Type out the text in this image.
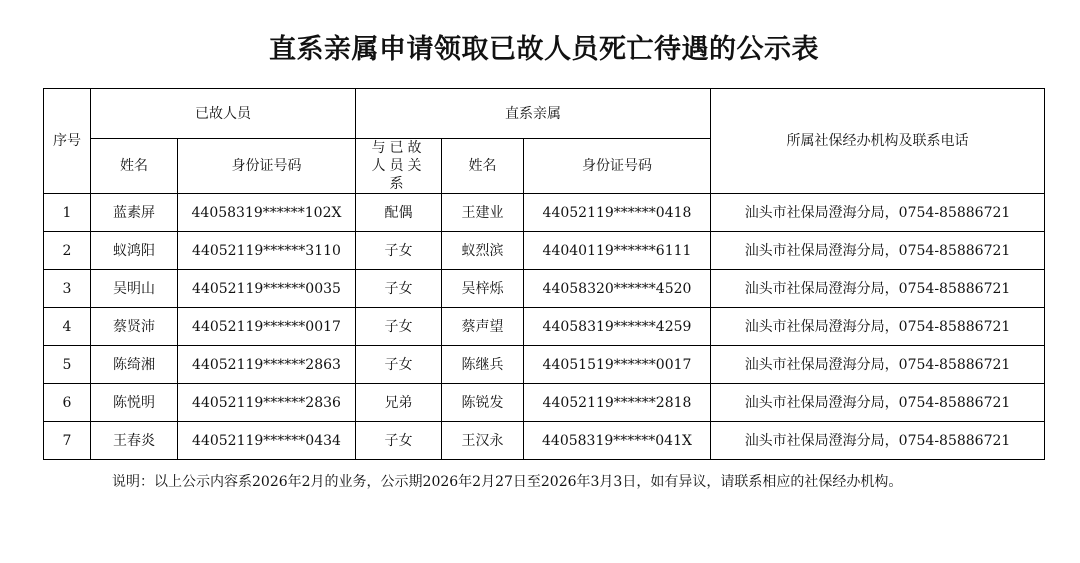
直系亲属申请领取已故人员死亡待遇的公示表
序号	已故人员		直系亲属			所属社保经办机构及联系电话
	姓名	身份证号码	与已故人员关系	姓名	身份证号码	
1	蓝素屏	44058319******102X	配偶	王建业	44052119******0418	汕头市社保局澄海分局，0754-85886721
2	蚁鸿阳	44052119******3110	子女	蚁烈滨	44040119******6111	汕头市社保局澄海分局，0754-85886721
3	吴明山	44052119******0035	子女	吴梓烁	44058320******4520	汕头市社保局澄海分局，0754-85886721
4	蔡贤沛	44052119******0017	子女	蔡声望	44058319******4259	汕头市社保局澄海分局，0754-85886721
5	陈绮湘	44052119******2863	子女	陈继兵	44051519******0017	汕头市社保局澄海分局，0754-85886721
6	陈悦明	44052119******2836	兄弟	陈锐发	44052119******2818	汕头市社保局澄海分局，0754-85886721
7	王春炎	44052119******0434	子女	王汉永	44058319******041X	汕头市社保局澄海分局，0754-85886721
说明：以上公示内容系2026年2月的业务，公示期2026年2月27日至2026年3月3日，如有异议，请联系相应的社保经办机构。
